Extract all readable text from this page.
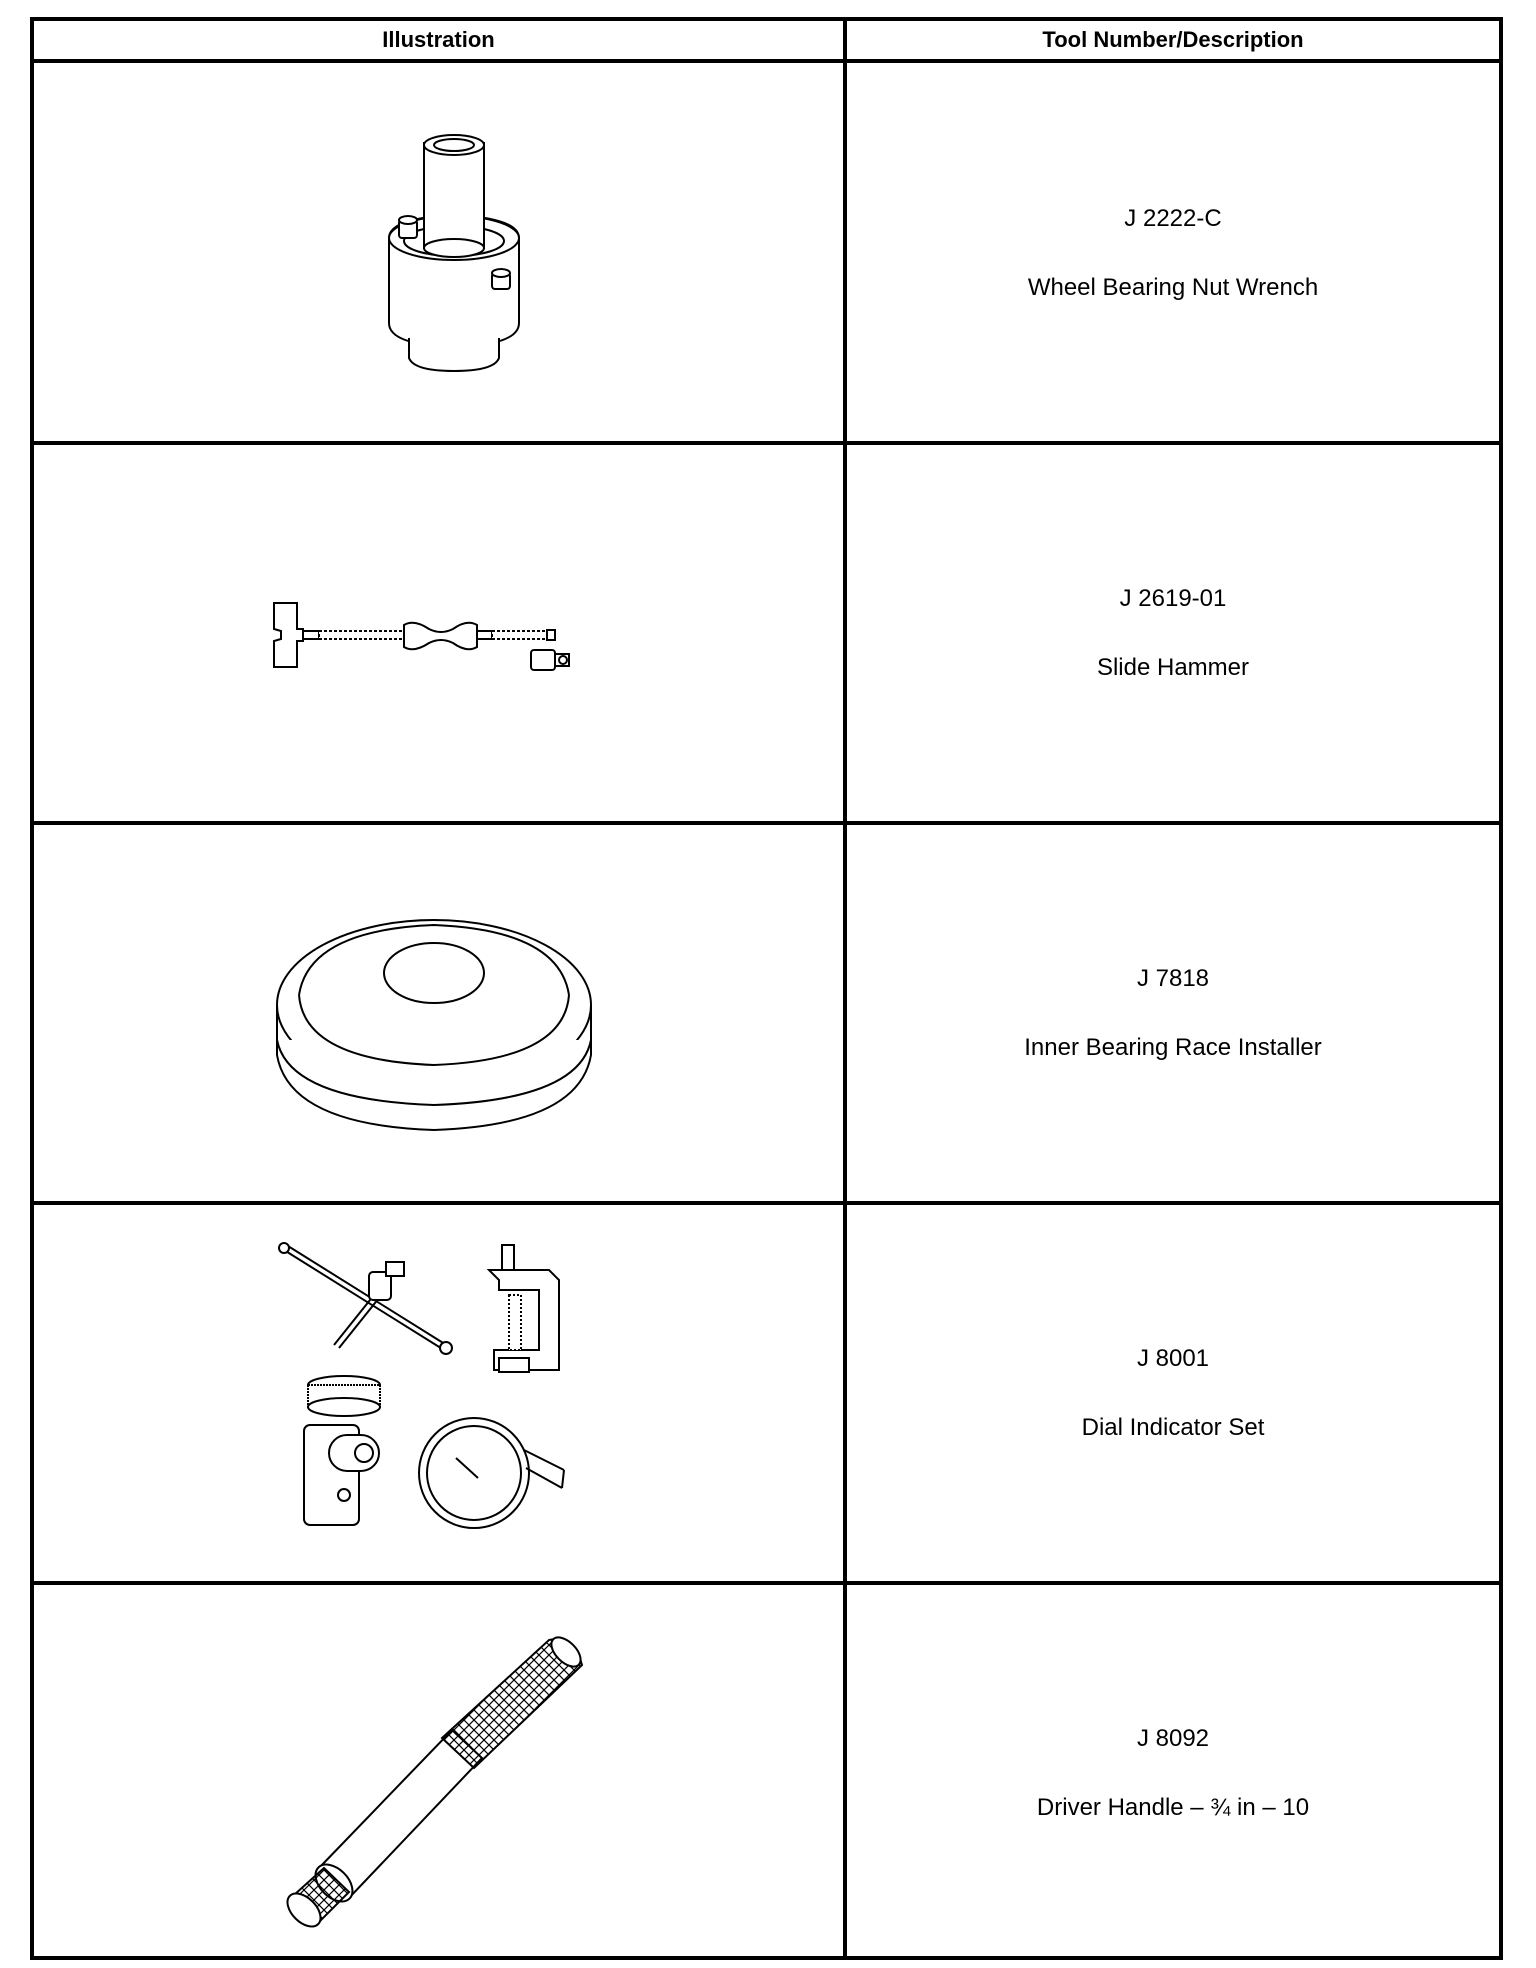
Illustration	Tool Number/Description
J 2222-C
Wheel Bearing Nut Wrench
J 2619-01
Slide Hammer
J 7818
Inner Bearing Race Installer
J 8001
Dial Indicator Set
J 8092
Driver Handle – ¾ in – 10
